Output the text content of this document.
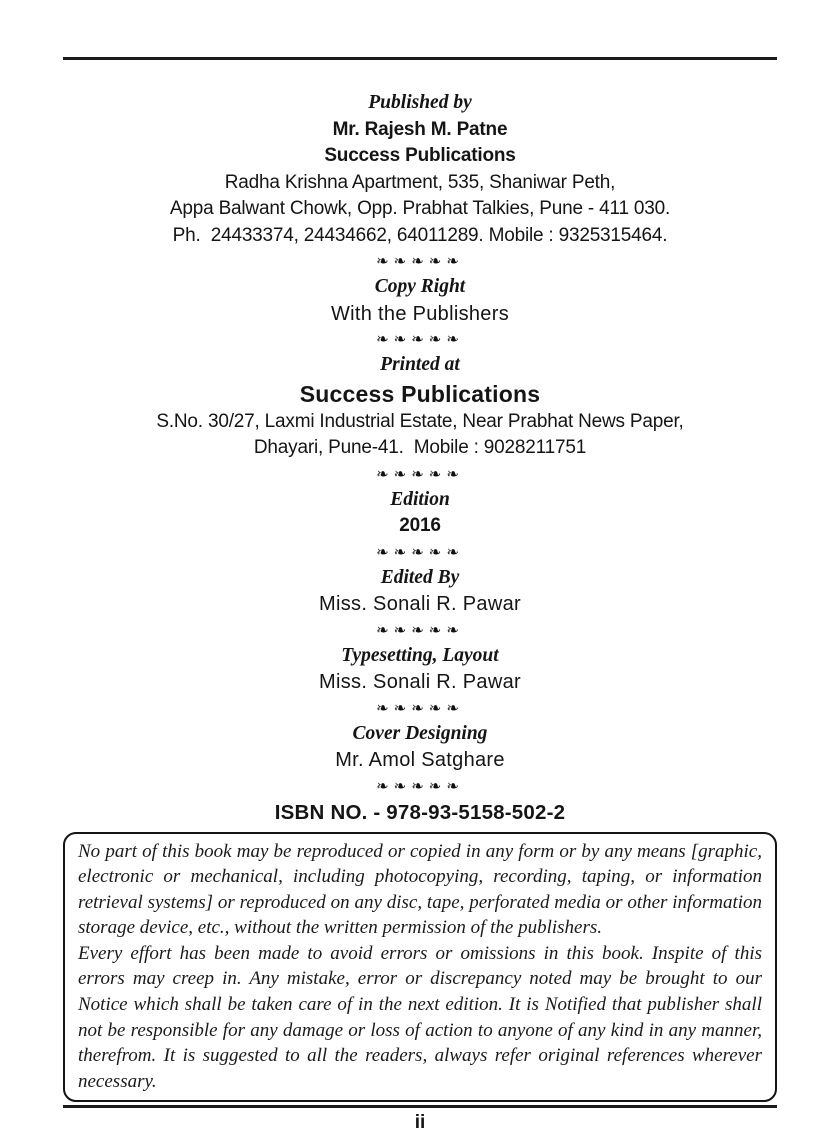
Published by
Mr. Rajesh M. Patne
Success Publications
Radha Krishna Apartment, 535, Shaniwar Peth,
Appa Balwant Chowk, Opp. Prabhat Talkies, Pune - 411 030.
Ph.  24433374, 24434662, 64011289. Mobile : 9325315464.
❧❧❧❧❧
Copy Right
With the Publishers
❧❧❧❧❧
Printed at
Success Publications
S.No. 30/27, Laxmi Industrial Estate, Near Prabhat News Paper,
Dhayari, Pune-41.  Mobile : 9028211751
❧❧❧❧❧
Edition
2016
❧❧❧❧❧
Edited By
Miss. Sonali R. Pawar
❧❧❧❧❧
Typesetting, Layout
Miss. Sonali R. Pawar
❧❧❧❧❧
Cover Designing
Mr. Amol Satghare
❧❧❧❧❧
ISBN NO. - 978-93-5158-502-2

No part of this book may be reproduced or copied in any form or by any means [graphic, electronic or mechanical, including photocopying, recording, taping, or information retrieval systems] or reproduced on any disc, tape, perforated media or other information storage device, etc., without the written permission of the publishers.

Every effort has been made to avoid errors or omissions in this book. Inspite of this errors may creep in. Any mistake, error or discrepancy noted may be brought to our Notice which shall be taken care of in the next edition. It is Notified that publisher shall not be responsible for any damage or loss of action to anyone of any kind in any manner, therefrom. It is suggested to all the readers, always refer original references wherever necessary.

ii
